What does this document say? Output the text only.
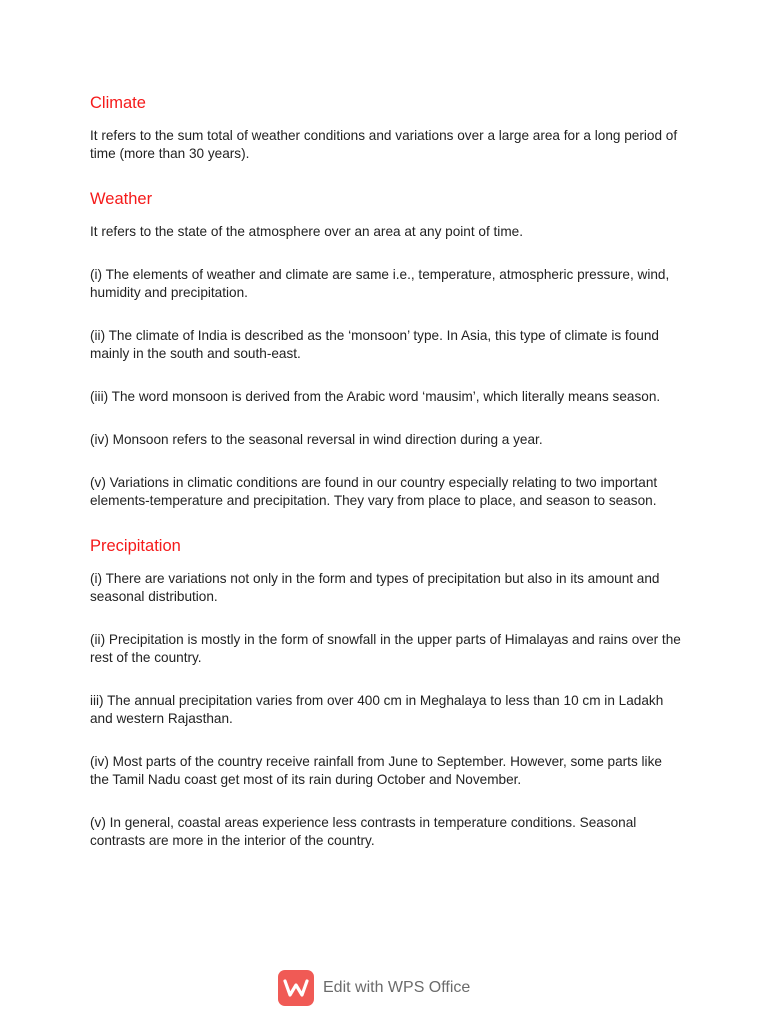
Climate

It refers to the sum total of weather conditions and variations over a large area for a long period of time (more than 30 years).

Weather

It refers to the state of the atmosphere over an area at any point of time.

(i) The elements of weather and climate are same i.e., temperature, atmospheric pressure, wind, humidity and precipitation.

(ii) The climate of India is described as the ‘monsoon’ type. In Asia, this type of climate is found mainly in the south and south-east.

(iii) The word monsoon is derived from the Arabic word ‘mausim’, which literally means season.

(iv) Monsoon refers to the seasonal reversal in wind direction during a year.

(v) Variations in climatic conditions are found in our country especially relating to two important elements-temperature and precipitation. They vary from place to place, and season to season.

Precipitation

(i) There are variations not only in the form and types of precipitation but also in its amount and seasonal distribution.

(ii) Precipitation is mostly in the form of snowfall in the upper parts of Himalayas and rains over the rest of the country.

iii) The annual precipitation varies from over 400 cm in Meghalaya to less than 10 cm in Ladakh and western Rajasthan.

(iv) Most parts of the country receive rainfall from June to September. However, some parts like the Tamil Nadu coast get most of its rain during October and November.

(v) In general, coastal areas experience less contrasts in temperature conditions. Seasonal contrasts are more in the interior of the country.

Edit with WPS Office
